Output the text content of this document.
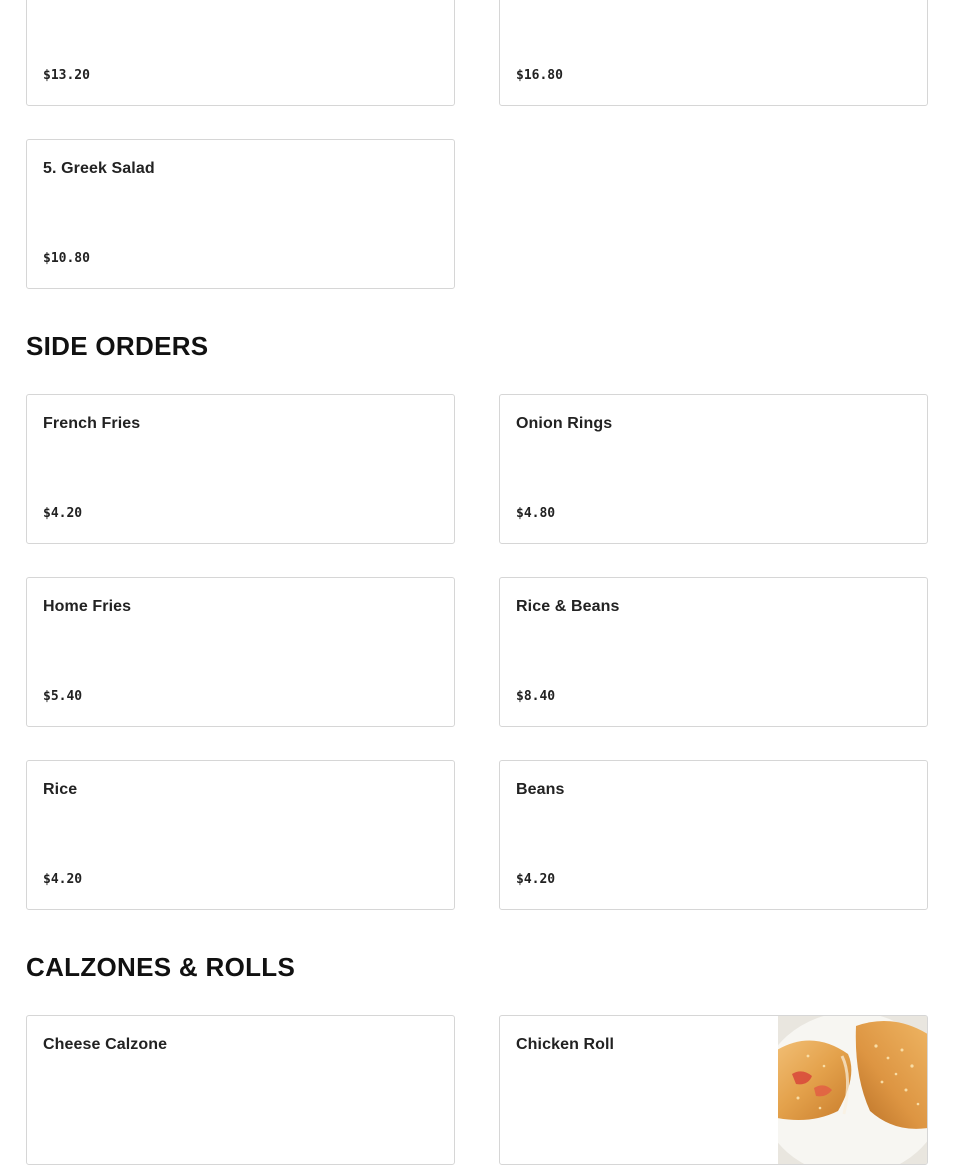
$13.20	$16.80
5. Greek Salad
$10.80
SIDE ORDERS
French Fries
$4.20
Onion Rings
$4.80
Home Fries
$5.40
Rice & Beans
$8.40
Rice
$4.20
Beans
$4.20
CALZONES & ROLLS
Cheese Calzone	Chicken Roll
